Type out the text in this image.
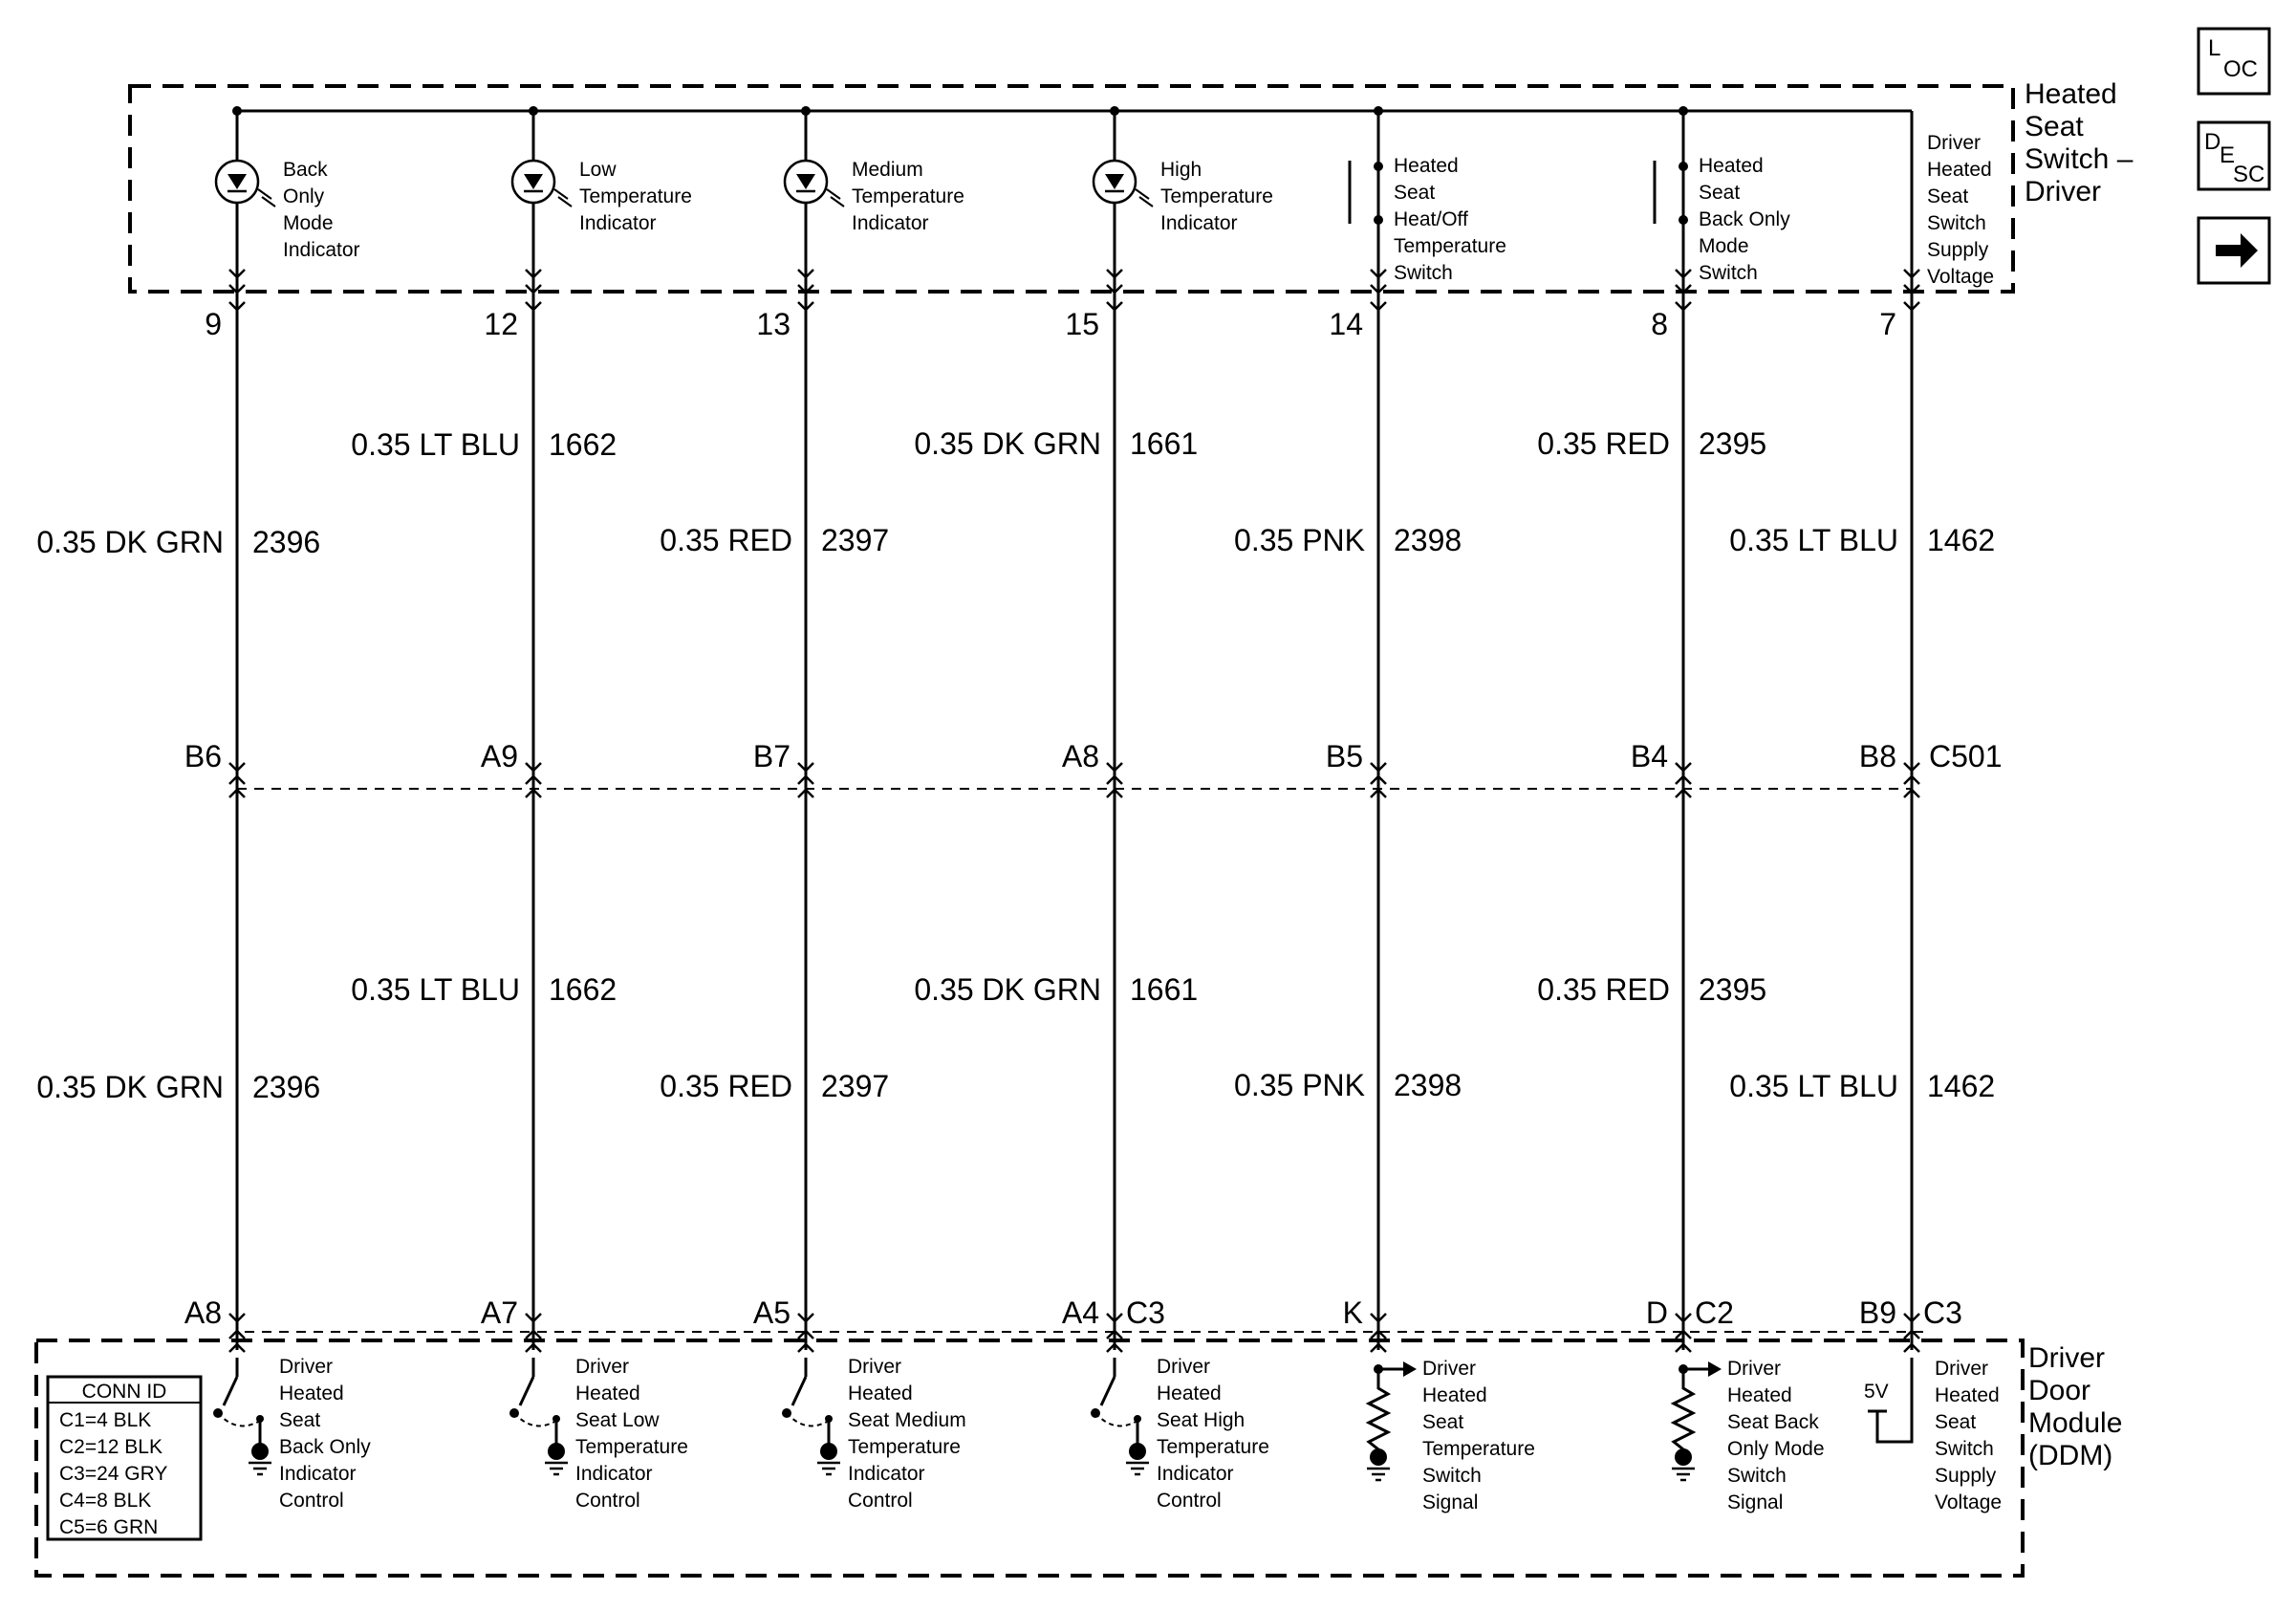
Heated
Seat
Switch –
Driver
Driver
Door
Module
(DDM)
C501
CONN ID
C1=4 BLK
C2=12 BLK
C3=24 GRY
C4=8 BLK
C5=6 GRN
L
OC
D
E
SC
Back
Only
Mode
Indicator
9
B6
Low
Temperature
Indicator
12
A9
Medium
Temperature
Indicator
13
B7
High
Temperature
Indicator
15
A8
Heated
Seat
Heat/Off
Temperature
Switch
14
B5
Heated
Seat
Back Only
Mode
Switch
8
B4
Driver
Heated
Seat
Switch
Supply
Voltage
7
B8
Driver
Heated
Seat
Back Only
Indicator
Control
A8
Driver
Heated
Seat Low
Temperature
Indicator
Control
A7
Driver
Heated
Seat Medium
Temperature
Indicator
Control
A5
Driver
Heated
Seat High
Temperature
Indicator
Control
A4 C3
Driver
Heated
Seat
Temperature
Switch
Signal
K
Driver
Heated
Seat Back
Only Mode
Switch
Signal
D C2
5V
Driver
Heated
Seat
Switch
Supply
Voltage
B9 C3
0.35 DK GRN 2396
0.35 LT BLU 1662
0.35 RED 2397
0.35 DK GRN 1661
0.35 PNK 2398
0.35 RED 2395
0.35 LT BLU 1462
0.35 DK GRN 2396
0.35 LT BLU 1662
0.35 RED 2397
0.35 DK GRN 1661
0.35 PNK 2398
0.35 RED 2395
0.35 LT BLU 1462
